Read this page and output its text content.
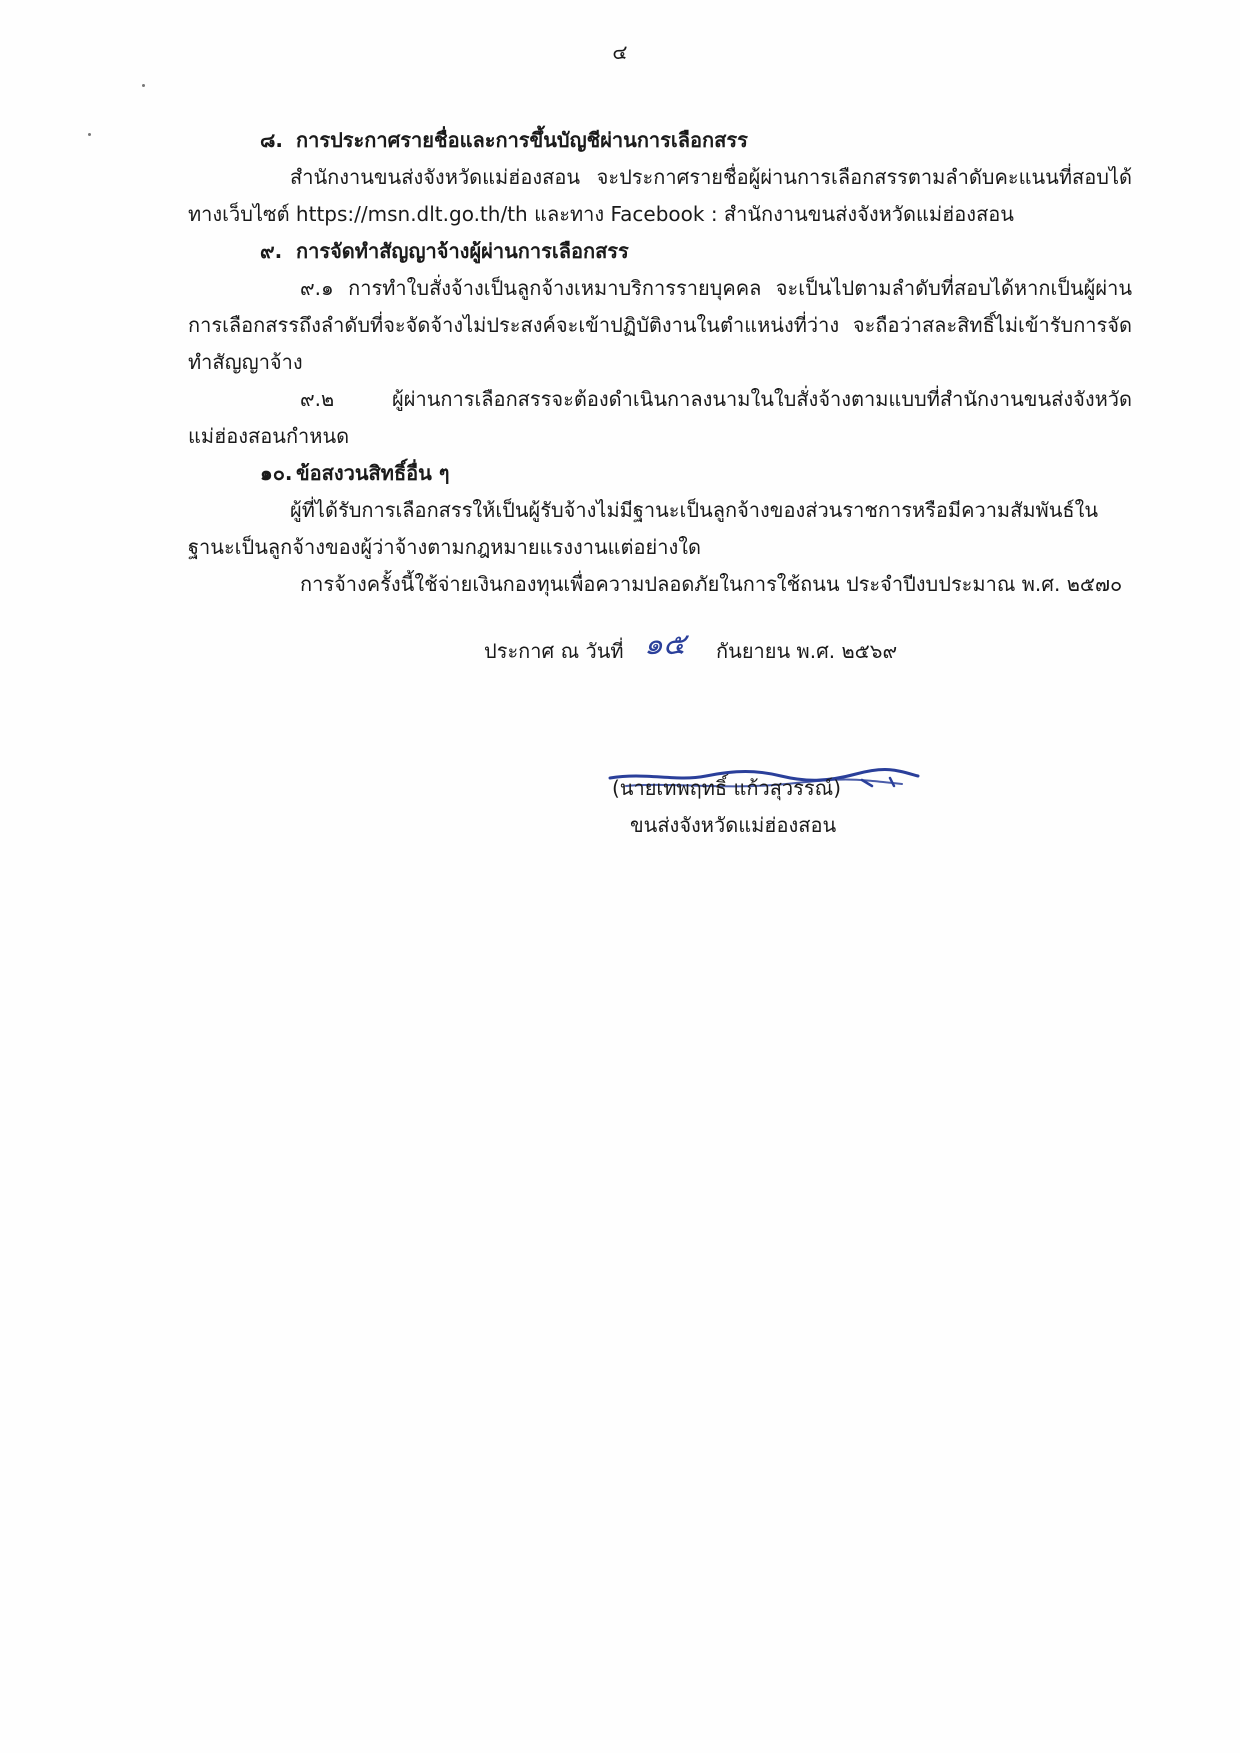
๔

๘. การประกาศรายชื่อและการขึ้นบัญชีผ่านการเลือกสรร

สำนักงานขนส่งจังหวัดแม่ฮ่องสอน จะประกาศรายชื่อผู้ผ่านการเลือกสรรตามลำดับคะแนนที่สอบได้ทางเว็บไซต์ https://msn.dlt.go.th/th และทาง Facebook : สำนักงานขนส่งจังหวัดแม่ฮ่องสอน

๙. การจัดทำสัญญาจ้างผู้ผ่านการเลือกสรร

๙.๑ การทำใบสั่งจ้างเป็นลูกจ้างเหมาบริการรายบุคคล จะเป็นไปตามลำดับที่สอบได้หากเป็นผู้ผ่านการเลือกสรรถึงลำดับที่จะจัดจ้างไม่ประสงค์จะเข้าปฏิบัติงานในตำแหน่งที่ว่าง จะถือว่าสละสิทธิ์ไม่เข้ารับการจัดทำสัญญาจ้าง

๙.๒ ผู้ผ่านการเลือกสรรจะต้องดำเนินกาลงนามในใบสั่งจ้างตามแบบที่สำนักงานขนส่งจังหวัดแม่ฮ่องสอนกำหนด

๑๐. ข้อสงวนสิทธิ์อื่น ๆ

ผู้ที่ได้รับการเลือกสรรให้เป็นผู้รับจ้างไม่มีฐานะเป็นลูกจ้างของส่วนราชการหรือมีความสัมพันธ์ในฐานะเป็นลูกจ้างของผู้ว่าจ้างตามกฎหมายแรงงานแต่อย่างใด

การจ้างครั้งนี้ใช้จ่ายเงินกองทุนเพื่อความปลอดภัยในการใช้ถนน ประจำปีงบประมาณ พ.ศ. ๒๕๗๐

ประกาศ ณ วันที่ ๑๕ กันยายน พ.ศ. ๒๕๖๙
(นายเทพฤทธิ์ แก้วสุวรรณ์)
ขนส่งจังหวัดแม่ฮ่องสอน
